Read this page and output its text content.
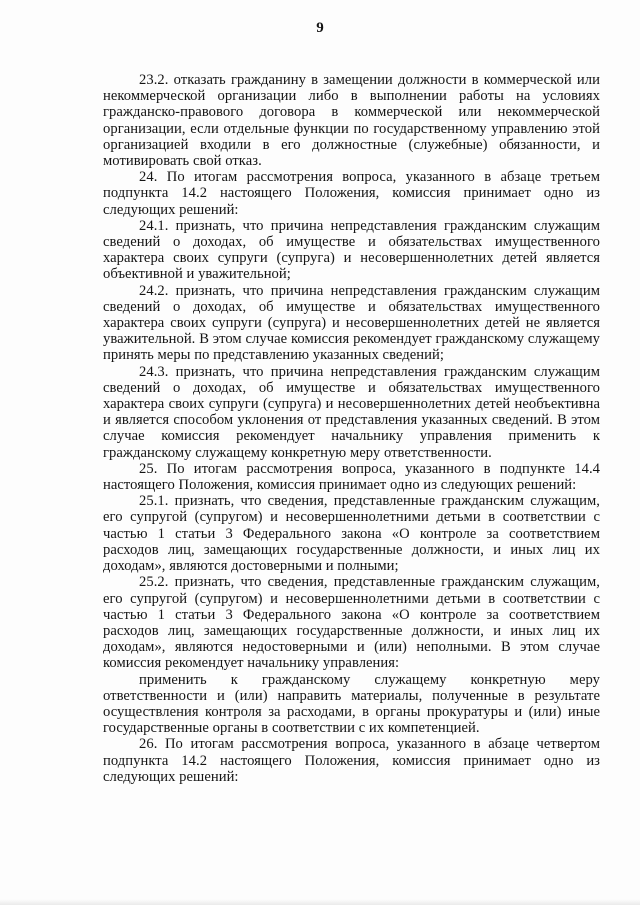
9

23.2. отказать гражданину в замещении должности в коммерческой или некоммерческой организации либо в выполнении работы на условиях гражданско-правового договора в коммерческой или некоммерческой организации, если отдельные функции по государственному управлению этой организацией входили в его должностные (служебные) обязанности, и мотивировать свой отказ.

24. По итогам рассмотрения вопроса, указанного в абзаце третьем подпункта 14.2 настоящего Положения, комиссия принимает одно из следующих решений:

24.1. признать, что причина непредставления гражданским служащим сведений о доходах, об имуществе и обязательствах имущественного характера своих супруги (супруга) и несовершеннолетних детей является объективной и уважительной;

24.2. признать, что причина непредставления гражданским служащим сведений о доходах, об имуществе и обязательствах имущественного характера своих супруги (супруга) и несовершеннолетних детей не является уважительной. В этом случае комиссия рекомендует гражданскому служащему принять меры по представлению указанных сведений;

24.3. признать, что причина непредставления гражданским служащим сведений о доходах, об имуществе и обязательствах имущественного характера своих супруги (супруга) и несовершеннолетних детей необъективна и является способом уклонения от представления указанных сведений. В этом случае комиссия рекомендует начальнику управления применить к гражданскому служащему конкретную меру ответственности.

25. По итогам рассмотрения вопроса, указанного в подпункте 14.4 настоящего Положения, комиссия принимает одно из следующих решений:

25.1. признать, что сведения, представленные гражданским служащим, его супругой (супругом) и несовершеннолетними детьми в соответствии с частью 1 статьи 3 Федерального закона «О контроле за соответствием расходов лиц, замещающих государственные должности, и иных лиц их доходам», являются достоверными и полными;

25.2. признать, что сведения, представленные гражданским служащим, его супругой (супругом) и несовершеннолетними детьми в соответствии с частью 1 статьи 3 Федерального закона «О контроле за соответствием расходов лиц, замещающих государственные должности, и иных лиц их доходам», являются недостоверными и (или) неполными. В этом случае комиссия рекомендует начальнику управления:

применить к гражданскому служащему конкретную меру ответственности и (или) направить материалы, полученные в результате осуществления контроля за расходами, в органы прокуратуры и (или) иные государственные органы в соответствии с их компетенцией.

26. По итогам рассмотрения вопроса, указанного в абзаце четвертом подпункта 14.2 настоящего Положения, комиссия принимает одно из следующих решений:
